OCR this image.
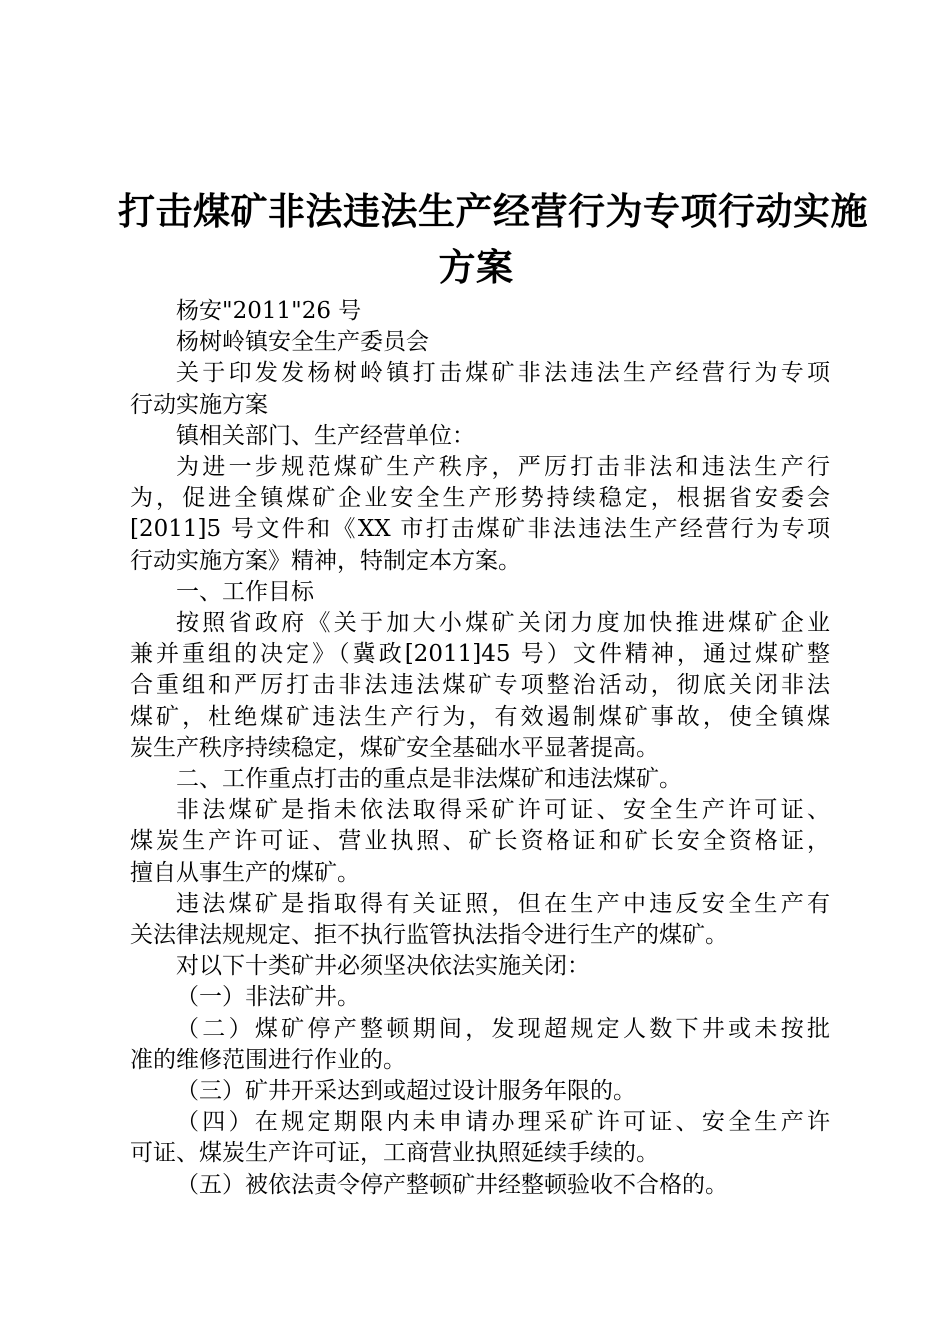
打击煤矿非法违法生产经营行为专项行动实施
方案
杨安"2011"26 号
杨树岭镇安全生产委员会
关于印发发杨树岭镇打击煤矿非法违法生产经营行为专项
行动实施方案
镇相关部门、生产经营单位：
为进一步规范煤矿生产秩序，严厉打击非法和违法生产行
为，促进全镇煤矿企业安全生产形势持续稳定，根据省安委会
[2011]5 号文件和《XX 市打击煤矿非法违法生产经营行为专项
行动实施方案》精神，特制定本方案。
一、工作目标
按照省政府《关于加大小煤矿关闭力度加快推进煤矿企业
兼并重组的决定》（冀政[2011]45 号）文件精神，通过煤矿整
合重组和严厉打击非法违法煤矿专项整治活动，彻底关闭非法
煤矿，杜绝煤矿违法生产行为，有效遏制煤矿事故，使全镇煤
炭生产秩序持续稳定，煤矿安全基础水平显著提高。
二、工作重点打击的重点是非法煤矿和违法煤矿。
非法煤矿是指未依法取得采矿许可证、安全生产许可证、
煤炭生产许可证、营业执照、矿长资格证和矿长安全资格证，
擅自从事生产的煤矿。
违法煤矿是指取得有关证照，但在生产中违反安全生产有
关法律法规规定、拒不执行监管执法指令进行生产的煤矿。
对以下十类矿井必须坚决依法实施关闭：
（一）非法矿井。
（二）煤矿停产整顿期间，发现超规定人数下井或未按批
准的维修范围进行作业的。
（三）矿井开采达到或超过设计服务年限的。
（四）在规定期限内未申请办理采矿许可证、安全生产许
可证、煤炭生产许可证，工商营业执照延续手续的。
（五）被依法责令停产整顿矿井经整顿验收不合格的。
